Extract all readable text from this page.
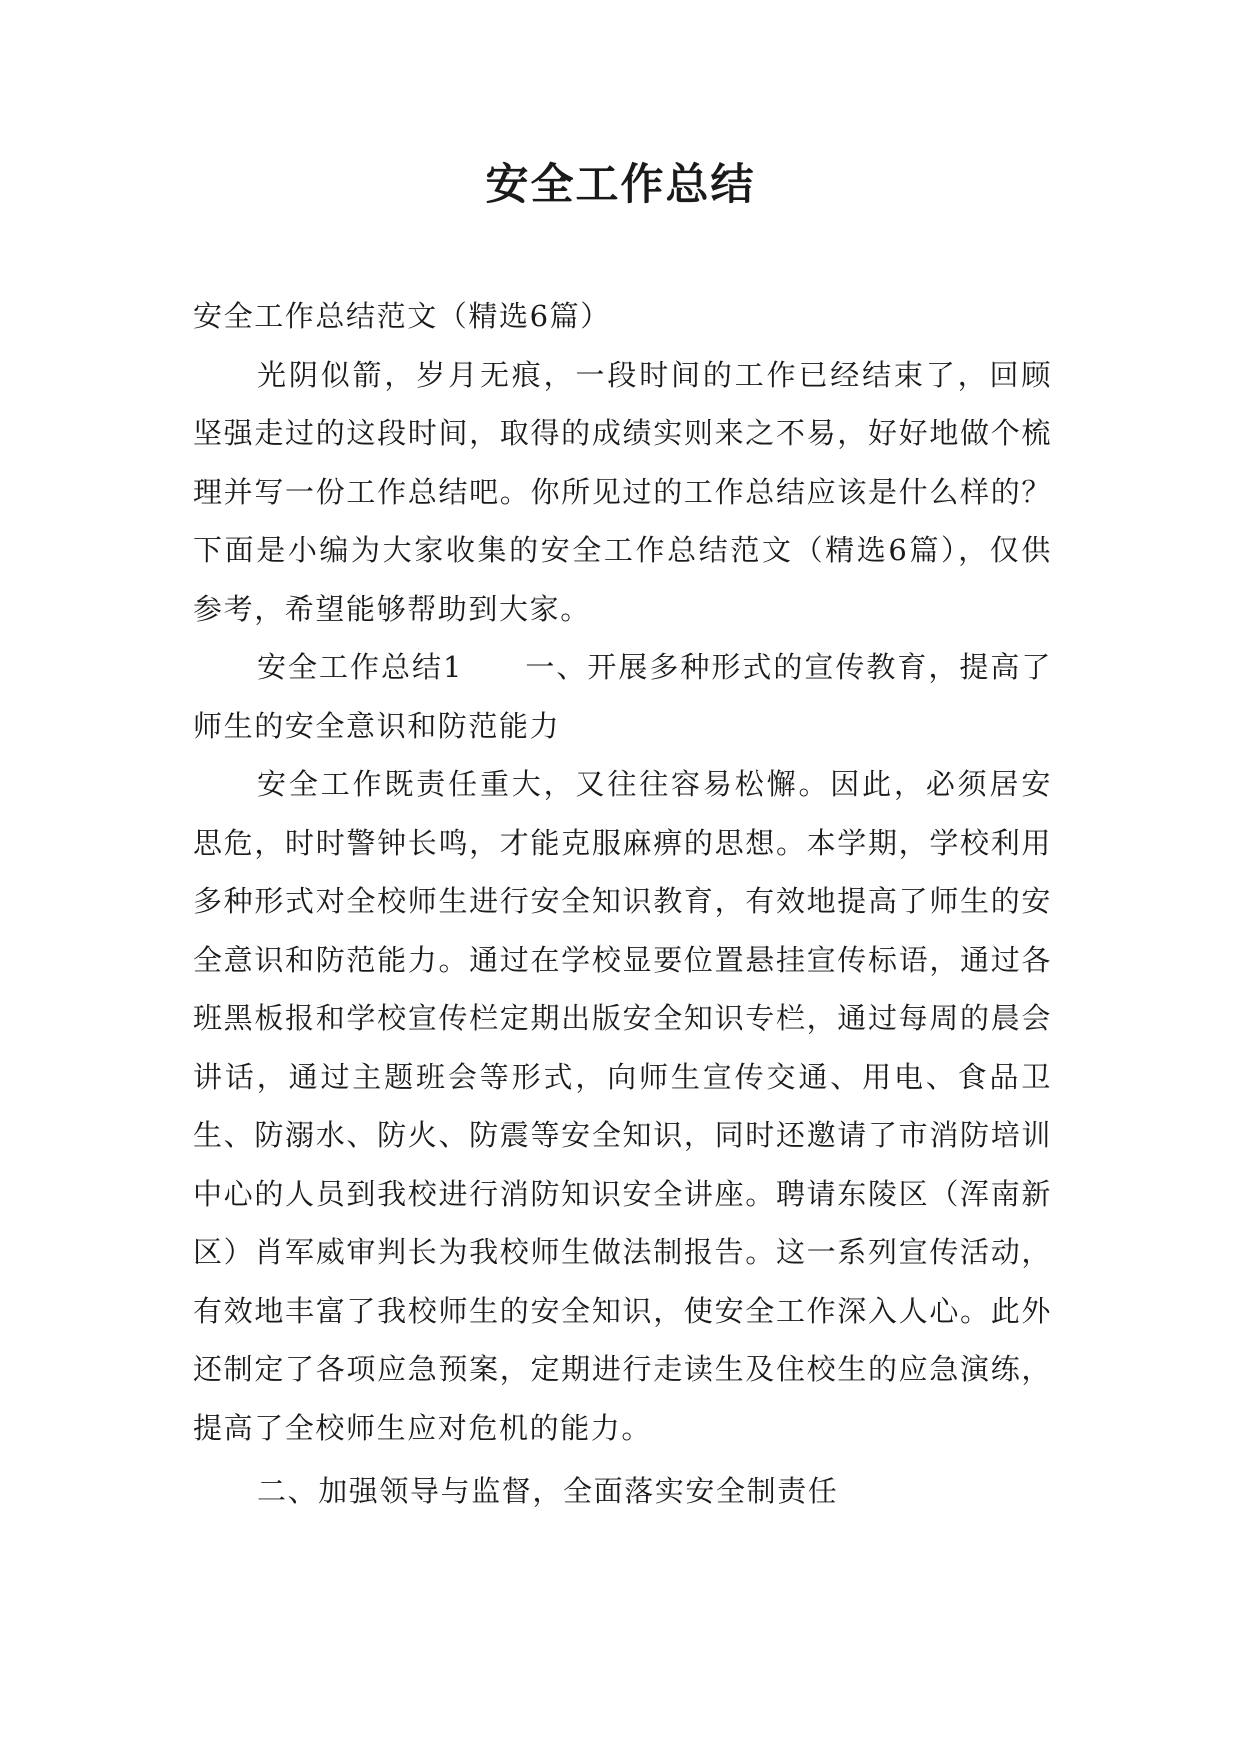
安全工作总结

安全工作总结范文（精选6篇）

光阴似箭，岁月无痕，一段时间的工作已经结束了，回顾坚强走过的这段时间，取得的成绩实则来之不易，好好地做个梳理并写一份工作总结吧。你所见过的工作总结应该是什么样的？下面是小编为大家收集的安全工作总结范文（精选6篇），仅供参考，希望能够帮助到大家。

安全工作总结1　　一、开展多种形式的宣传教育，提高了师生的安全意识和防范能力

安全工作既责任重大，又往往容易松懈。因此，必须居安思危，时时警钟长鸣，才能克服麻痹的思想。本学期，学校利用多种形式对全校师生进行安全知识教育，有效地提高了师生的安全意识和防范能力。通过在学校显要位置悬挂宣传标语，通过各班黑板报和学校宣传栏定期出版安全知识专栏，通过每周的晨会讲话，通过主题班会等形式，向师生宣传交通、用电、食品卫生、防溺水、防火、防震等安全知识，同时还邀请了市消防培训中心的人员到我校进行消防知识安全讲座。聘请东陵区（浑南新区）肖军威审判长为我校师生做法制报告。这一系列宣传活动，有效地丰富了我校师生的安全知识，使安全工作深入人心。此外还制定了各项应急预案，定期进行走读生及住校生的应急演练，提高了全校师生应对危机的能力。

二、加强领导与监督，全面落实安全制责任
